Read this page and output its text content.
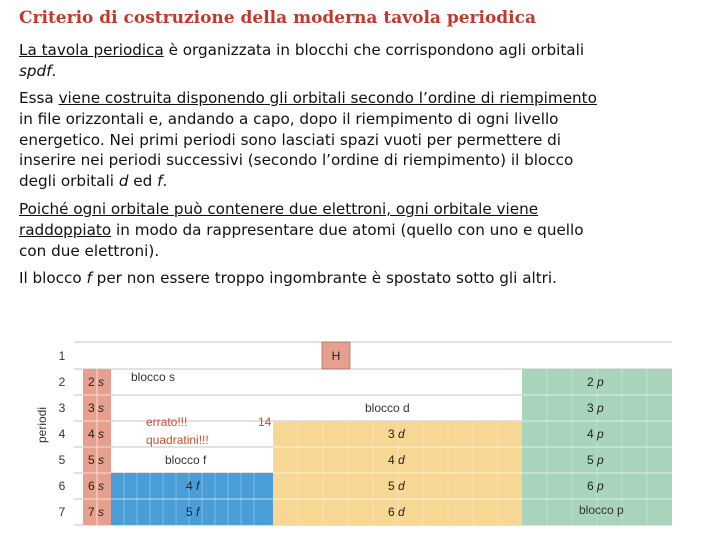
Criterio di costruzione della moderna tavola periodica
La tavola periodica è organizzata in blocchi che corrispondono agli orbitali
spdf.
Essa viene costruita disponendo gli orbitali secondo l’ordine di riempimento
in file orizzontali e, andando a capo, dopo il riempimento di ogni livello
energetico. Nei primi periodi sono lasciati spazi vuoti per permettere di
inserire nei periodi successivi (secondo l’ordine di riempimento) il blocco
degli orbitali d ed f.
Poiché ogni orbitale può contenere due elettroni, ogni orbitale viene
raddoppiato in modo da rappresentare due atomi (quello con uno e quello
con due elettroni).
Il blocco f per non essere troppo ingombrante è spostato sotto gli altri.
periodi
1
2
3
4
5
6
7
H
2 s
3 s
4 s
5 s
6 s
7 s
4 f
5 f
3 d
4 d
5 d
6 d
2 p
3 p
4 p
5 p
6 p
blocco s
blocco f
blocco d
blocco p
errato!!!
quadratini!!!
14
